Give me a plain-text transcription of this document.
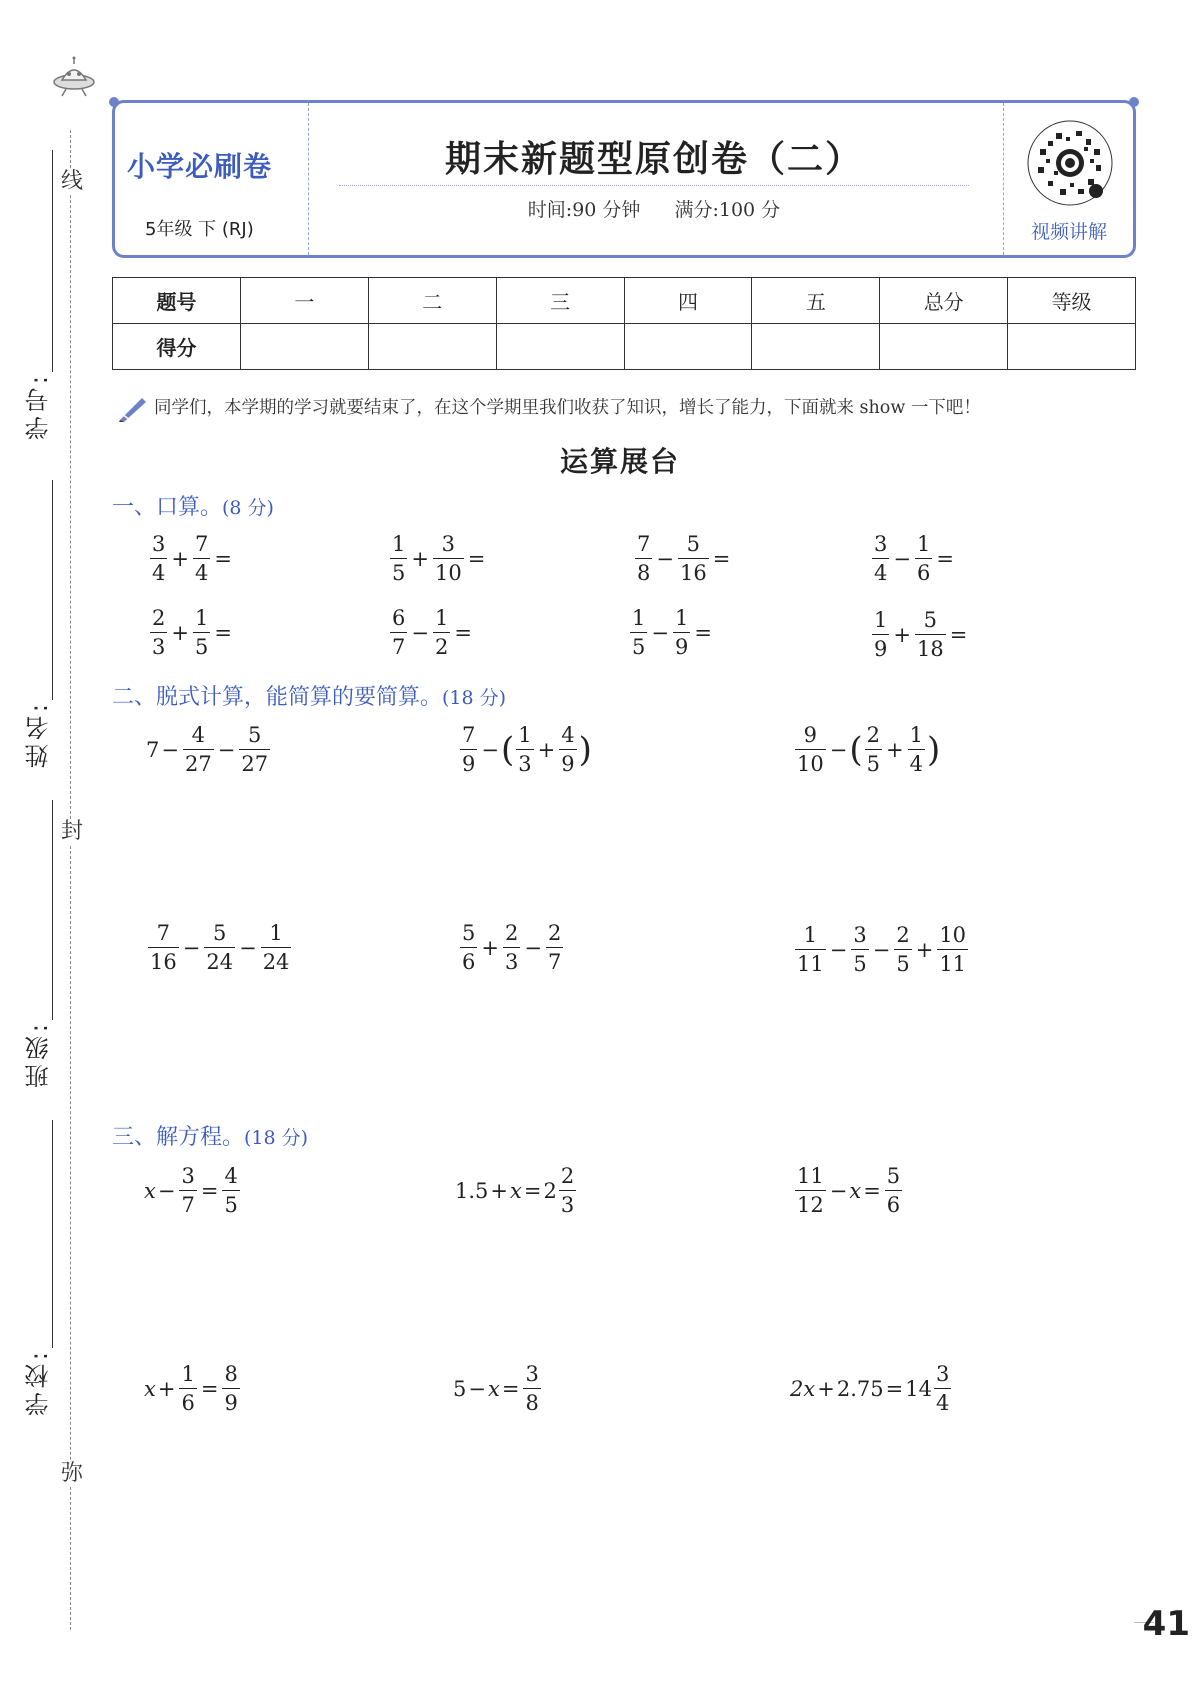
线
封
弥
学号:
姓名:
班级:
学校:
小学必刷卷
5年级 下 (RJ)
期末新题型原创卷（二）
时间:90 分钟 满分:100 分
视频讲解
题号	一	二	三	四	五	总分	等级
得分							
同学们，本学期的学习就要结束了，在这个学期里我们收获了知识，增长了能力，下面就来 show 一下吧！
运算展台
一、口算。(8 分)
$\frac{3}{4} + \frac{7}{4}$ =	$\frac{1}{5} + \frac{3}{10}$ =	$\frac{7}{8} - \frac{5}{16}$ =	$\frac{3}{4} - \frac{1}{6}$ =
$\frac{2}{3} + \frac{1}{5}$ =	$\frac{6}{7} - \frac{1}{2}$ =	$\frac{1}{5} - \frac{1}{9}$ =	$\frac{1}{9} + \frac{5}{18}$ =
二、脱式计算，能简算的要简算。(18 分)
$7 - \frac{4}{27} - \frac{5}{27}$	$\frac{7}{9}$ − ( $\frac{1}{3} + \frac{4}{9}$ )	$\frac{9}{10}$ − ( $\frac{2}{5} + \frac{1}{4}$ )
$\frac{7}{16} - \frac{5}{24} - \frac{1}{24}$	$\frac{5}{6} + \frac{2}{3} - \frac{2}{7}$	$\frac{1}{11} - \frac{3}{5} - \frac{2}{5} + \frac{10}{11}$
三、解方程。(18 分)
$x - \frac{3}{7} = \frac{4}{5}$	$1.5 + x = 2 \frac{2}{3}$	$\frac{11}{12} - x = \frac{5}{6}$
$x + \frac{1}{6} = \frac{8}{9}$	$5 - x = \frac{3}{8}$	$2x + 2.75 = 14 \frac{3}{4}$
41
